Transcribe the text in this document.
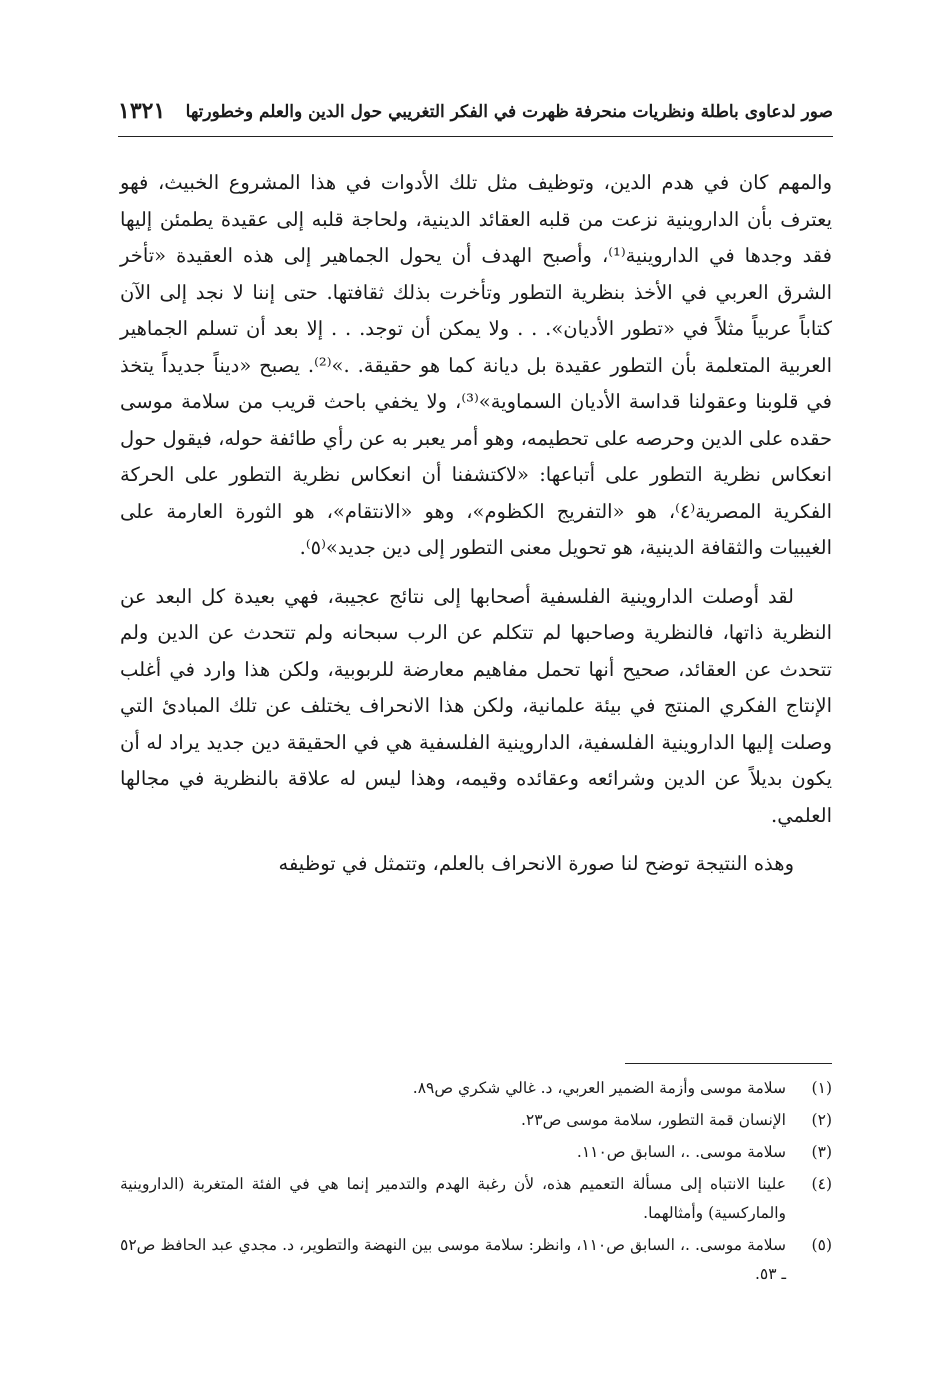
صور لدعاوى باطلة ونظريات منحرفة ظهرت في الفكر التغريبي حول الدين والعلم وخطورتها
١٣٢١

والمهم كان في هدم الدين، وتوظيف مثل تلك الأدوات في هذا المشروع الخبيث، فهو يعترف بأن الداروينية نزعت من قلبه العقائد الدينية، ولحاجة قلبه إلى عقيدة يطمئن إليها فقد وجدها في الداروينية⁽¹⁾، وأصبح الهدف أن يحول الجماهير إلى هذه العقيدة «تأخر الشرق العربي في الأخذ بنظرية التطور وتأخرت بذلك ثقافتها. حتى إننا لا نجد إلى الآن كتاباً عربياً مثلاً في «تطور الأديان». . . ولا يمكن أن توجد. . . إلا بعد أن تسلم الجماهير العربية المتعلمة بأن التطور عقيدة بل ديانة كما هو حقيقة. .»⁽²⁾. يصبح «ديناً جديداً يتخذ في قلوبنا وعقولنا قداسة الأديان السماوية»⁽³⁾، ولا يخفي باحث قريب من سلامة موسى حقده على الدين وحرصه على تحطيمه، وهو أمر يعبر به عن رأي طائفة حوله، فيقول حول انعكاس نظرية التطور على أتباعها: «لاكتشفنا أن انعكاس نظرية التطور على الحركة الفكرية المصرية⁽٤⁾، هو «التفريج الكظوم»، وهو «الانتقام»، هو الثورة العارمة على الغيبيات والثقافة الدينية، هو تحويل معنى التطور إلى دين جديد»⁽٥⁾.

لقد أوصلت الداروينية الفلسفية أصحابها إلى نتائج عجيبة، فهي بعيدة كل البعد عن النظرية ذاتها، فالنظرية وصاحبها لم تتكلم عن الرب سبحانه ولم تتحدث عن الدين ولم تتحدث عن العقائد، صحيح أنها تحمل مفاهيم معارضة للربوبية، ولكن هذا وارد في أغلب الإنتاج الفكري المنتج في بيئة علمانية، ولكن هذا الانحراف يختلف عن تلك المبادئ التي وصلت إليها الداروينية الفلسفية، الداروينية الفلسفية هي في الحقيقة دين جديد يراد له أن يكون بديلاً عن الدين وشرائعه وعقائده وقيمه، وهذا ليس له علاقة بالنظرية في مجالها العلمي.

وهذه النتيجة توضح لنا صورة الانحراف بالعلم، وتتمثل في توظيفه

(١)
سلامة موسى وأزمة الضمير العربي، د. غالي شكري ص٨٩.
(٢)
الإنسان قمة التطور، سلامة موسى ص٢٣.
(٣)
سلامة موسى. .، السابق ص١١٠.
(٤)
علينا الانتباه إلى مسألة التعميم هذه، لأن رغبة الهدم والتدمير إنما هي في الفئة المتغربة (الداروينية والماركسية) وأمثالهما.
(٥)
سلامة موسى. .، السابق ص١١٠، وانظر: سلامة موسى بين النهضة والتطوير، د. مجدي عبد الحافظ ص٥٢ ـ ٥٣.
